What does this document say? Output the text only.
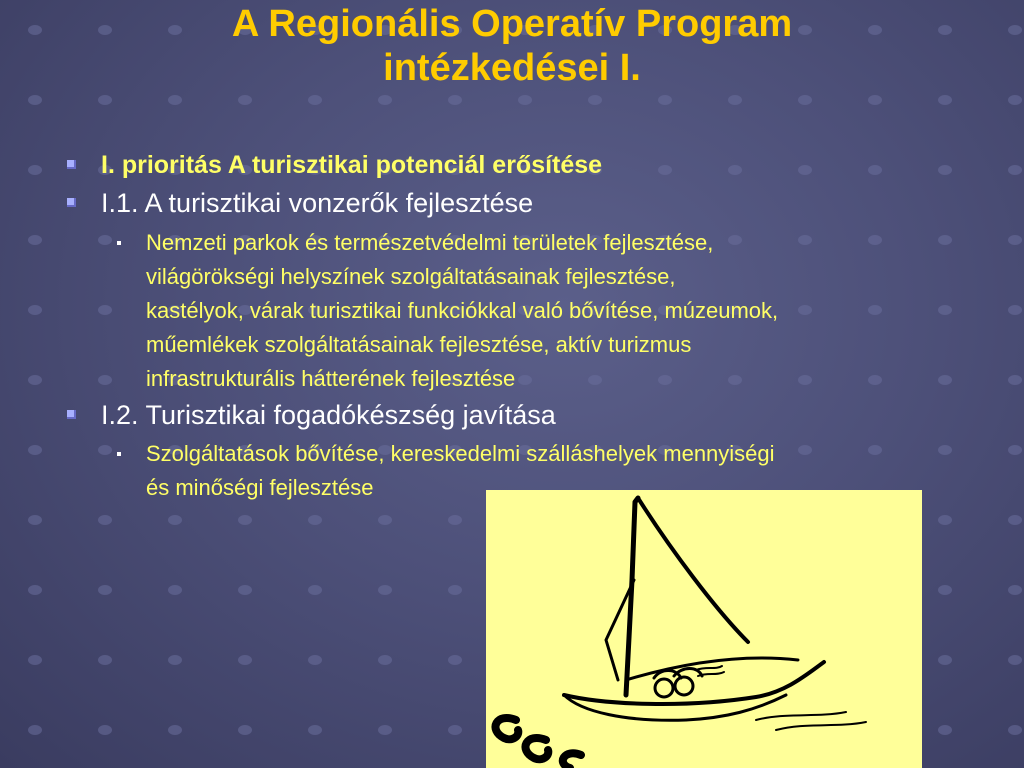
A Regionális Operatív Program
intézkedései I.
I. prioritás A turisztikai potenciál erősítése
I.1. A turisztikai vonzerők fejlesztése
Nemzeti parkok és természetvédelmi területek fejlesztése,
világörökségi helyszínek szolgáltatásainak fejlesztése,
kastélyok, várak turisztikai funkciókkal való bővítése, múzeumok,
műemlékek szolgáltatásainak fejlesztése, aktív turizmus
infrastrukturális hátterének fejlesztése
I.2. Turisztikai fogadókészség javítása
Szolgáltatások bővítése, kereskedelmi szálláshelyek mennyiségi
és minőségi fejlesztése
